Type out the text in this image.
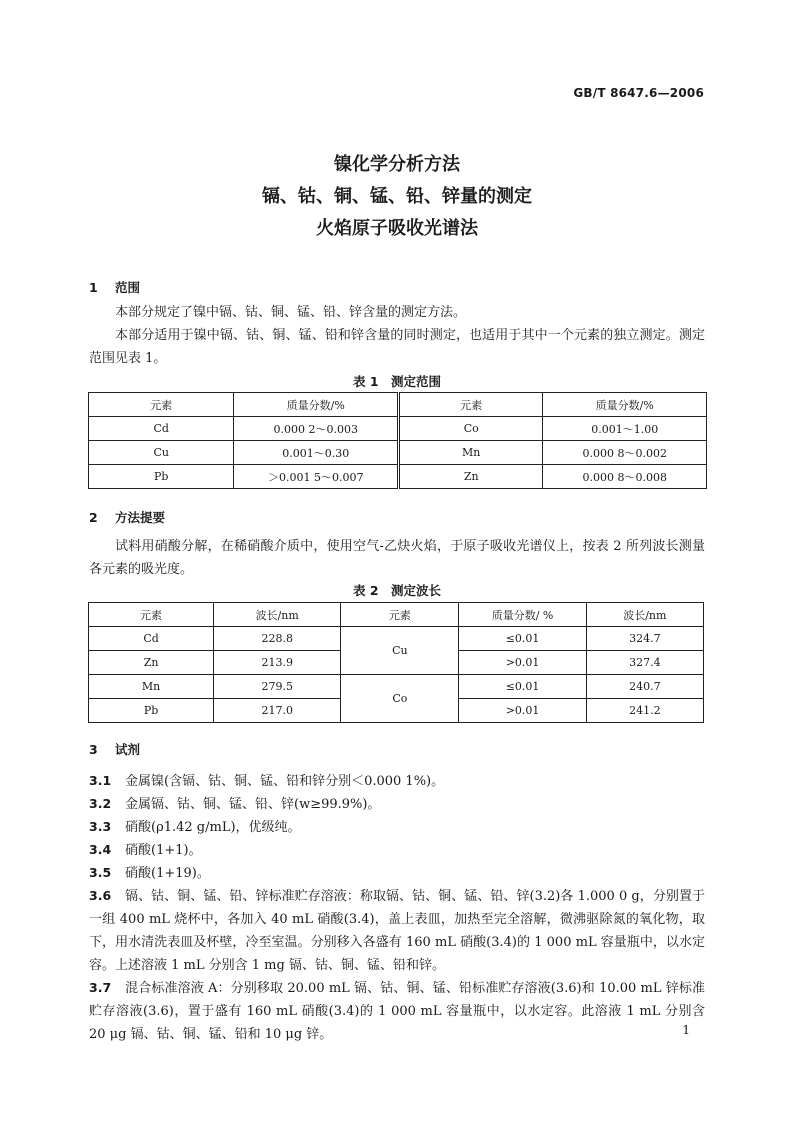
GB/T 8647.6—2006
镍化学分析方法
镉、钴、铜、锰、铅、锌量的测定
火焰原子吸收光谱法
1 范围
本部分规定了镍中镉、钴、铜、锰、铅、锌含量的测定方法。
本部分适用于镍中镉、钴、铜、锰、铅和锌含量的同时测定，也适用于其中一个元素的独立测定。测定范围见表 1。
表 1　测定范围
元素	质量分数/%	元素	质量分数/%
Cd	0.000 2～0.003	Co	0.001～1.00
Cu	0.001～0.30	Mn	0.000 8～0.002
Pb	＞0.001 5～0.007	Zn	0.000 8～0.008
2 方法提要
试料用硝酸分解，在稀硝酸介质中，使用空气-乙炔火焰，于原子吸收光谱仪上，按表 2 所列波长测量各元素的吸光度。
表 2　测定波长
元素	波长/nm	元素	质量分数/ %	波长/nm
Cd	228.8	Cu	≤0.01	324.7
Zn	213.9		>0.01	327.4
Mn	279.5	Co	≤0.01	240.7
Pb	217.0		>0.01	241.2
3 试剂
3.1 金属镍(含镉、钴、铜、锰、铅和锌分别＜0.000 1%)。
3.2 金属镉、钴、铜、锰、铅、锌(w≥99.9%)。
3.3 硝酸(ρ1.42 g/mL)，优级纯。
3.4 硝酸(1+1)。
3.5 硝酸(1+19)。
3.6 镉、钴、铜、锰、铅、锌标准贮存溶液：称取镉、钴、铜、锰、铅、锌(3.2)各 1.000 0 g，分别置于一组 400 mL 烧杯中，各加入 40 mL 硝酸(3.4)，盖上表皿，加热至完全溶解，微沸驱除氮的氧化物，取下，用水清洗表皿及杯壁，冷至室温。分别移入各盛有 160 mL 硝酸(3.4)的 1 000 mL 容量瓶中，以水定容。上述溶液 1 mL 分别含 1 mg 镉、钴、铜、锰、铅和锌。
3.7 混合标准溶液 A：分别移取 20.00 mL 镉、钴、铜、锰、铅标准贮存溶液(3.6)和 10.00 mL 锌标准贮存溶液(3.6)，置于盛有 160 mL 硝酸(3.4)的 1 000 mL 容量瓶中，以水定容。此溶液 1 mL 分别含 20 μg 镉、钴、铜、锰、铅和 10 μg 锌。	1
